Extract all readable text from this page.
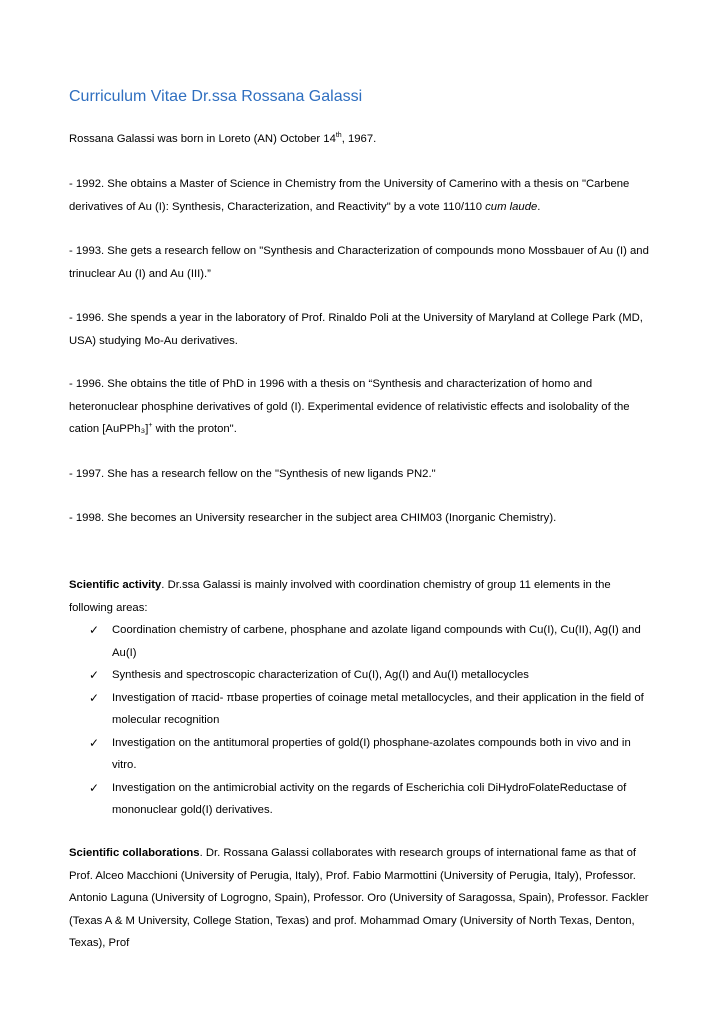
Curriculum Vitae Dr.ssa Rossana Galassi
Rossana Galassi was born in Loreto (AN) October 14th, 1967.
- 1992. She obtains a Master of Science in Chemistry from the University of Camerino with a thesis on "Carbene derivatives of Au (I): Synthesis, Characterization, and Reactivity" by a vote 110/110 cum laude.
- 1993. She gets a research fellow on "Synthesis and Characterization of compounds mono Mossbauer of Au (I) and trinuclear Au (I) and Au (III).”
- 1996. She spends a year in the laboratory of Prof. Rinaldo Poli at the University of Maryland at College Park (MD, USA) studying Mo-Au derivatives.
- 1996. She obtains the title of PhD in 1996 with a thesis on “Synthesis and characterization of homo and heteronuclear phosphine derivatives of gold (I). Experimental evidence of relativistic effects and isolobality of the cation [AuPPh₃]+ with the proton".
- 1997. She has a research fellow on the "Synthesis of new ligands PN2."
- 1998. She becomes an University researcher in the subject area CHIM03 (Inorganic Chemistry).
Scientific activity. Dr.ssa Galassi is mainly involved with coordination chemistry of group 11 elements in the following areas:
✓ Coordination chemistry of carbene, phosphane and azolate ligand compounds with Cu(I), Cu(II), Ag(I) and Au(I)
✓ Synthesis and spectroscopic characterization of Cu(I), Ag(I) and Au(I) metallocycles
✓ Investigation of πacid- πbase properties of coinage metal metallocycles, and their application in the field of molecular recognition
✓ Investigation on the antitumoral properties of gold(I) phosphane-azolates compounds both in vivo and in vitro.
✓ Investigation on the antimicrobial activity on the regards of Escherichia coli DiHydroFolateReductase of mononuclear gold(I) derivatives.
Scientific collaborations. Dr. Rossana Galassi collaborates with research groups of international fame as that of Prof. Alceo Macchioni (University of Perugia, Italy), Prof. Fabio Marmottini (University of Perugia, Italy), Professor. Antonio Laguna (University of Logrogno, Spain), Professor. Oro (University of Saragossa, Spain), Professor. Fackler (Texas A & M University, College Station, Texas) and prof. Mohammad Omary (University of North Texas, Denton, Texas), Prof
